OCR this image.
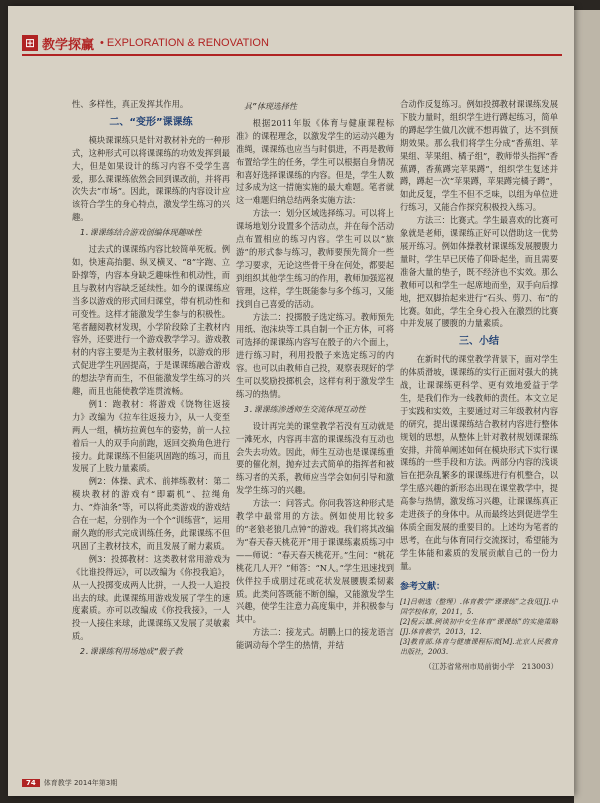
⊞ 教学探赢 • EXPLORATION & RENOVATION

性、多样性，真正发挥其作用。

二、“变形”课课练

模块课课练只是针对教材补充的一种形式，这种形式可以将课课练的功效发挥到最大，但是如果设计的练习内容不受学生喜爱，那么课课练依然会回到课改前，并将再次失去“市场”。因此，课课练的内容设计应该符合学生的身心特点，激发学生练习的兴趣。

1.课课练结合游戏创编体现趣味性

过去式的课课练内容比较简单死板。例如，快速高抬腿、纵叉横叉、“8”字跑、立卧撑等，内容本身缺乏趣味性和机动性，而且与教材内容缺乏延续性。如今的课课练应当多以游戏的形式回归课堂，带有机动性和可变性。这样才能激发学生参与的积极性。笔者翻阅教材发现，小学阶段除了主教材内容外，还要进行一个游戏教学学习。游戏教材的内容主要是为主教材服务，以游戏的形式促进学生巩固提高，于是课课练融合游戏的想法孕育而生，不但能激发学生练习的兴趣，而且也能使教学连贯流畅。

例1：跑教材：将游戏《饶物往返接力》改编为《拉车往返接力》，从一人变至两人一组，横坊拉黄包车的姿势，前一人拉着后一人的双手向前跑，返回交换角色进行接力。此课课练不但能巩固跑的练习，而且发展了上肢力量素质。

例2：体操、武术、前摔练教材：第二模块教材的游戏有“即霸机”、拉绳角力、“炸油条”等，可以将此类游戏的游戏结合在一起，分别作为一个个“训练营”，运用耐久跑的形式完成训练任务，此课课练不但巩固了主教材技术，而且发展了耐力素质。

例3：投掷教材：这类教材常用游戏为《比谁投得远》，可以改编为《你投我追》，从一人投掷变成两人比拼，一人投一人追投出去的球。此课课练用游戏发展了学生的速度素质。亦可以改编成《你投我接》，一人投一人接住来球，此课课练又发展了灵敏素质。

2.课课练利用场地成“骰子教
具”体现选择性

根据2011年版《体育与健康课程标准》的课程理念，以激发学生的运动兴趣为准绳，课课练也应当与时俱进，不再是教师布置给学生的任务，学生可以根据自身情况和喜好选择课课练的内容。但是，学生人数过多成为这一措施实施的最大难题。笔者就这一难题归纳总结两条实施方法：

方法一：划分区域选择练习。可以将上课场地划分设置多个活动点，并在每个活动点布置相应的练习内容。学生可以以“旅游”的形式参与练习，教师要预先简介一些学习要求，无论这些骨干身在何处，都要起到组织其他学生练习的作用，教师加强巡视管理，这样，学生既能参与多个练习，又能找到自己喜爱的活动。

方法二：投掷骰子选定练习。教师预先用纸、泡沫块等工具自制一个正方体，可将可选择的课课练内容写在骰子的六个面上，进行练习时，利用投骰子来选定练习的内容。也可以由教师自己投，观察表现好的学生可以奖励投掷机会，这样有利于激发学生练习的热情。

3.课课练渗透师生交流体现互动性

设计再完美的课堂教学若没有互动就是一滩死水，内容再丰富的课课练没有互动也会失去功效。因此，师生互动也是课课练重要的催化剂，抛弃过去式简单的指挥者和被练习者的关系，教师应当学会如何引导和激发学生练习的兴趣。

方法一：问答式。你问我答这种形式是教学中最常用的方法。例如使用比较多的“老狼老狼几点钟”的游戏。我们将其改编为“春天春天桃花开”用于课课练素质练习中——师说：“春天春天桃花开。”生问：“桃花桃花几人开？”师答：“N人。”学生迅速找到伙伴拉手成朋过花或花状发展腰腹柔韧素质。此类问答既能不断创编，又能激发学生兴趣，使学生注意力高度集中，并积极参与其中。

方法二：接龙式。胡鹏上口的接龙语言能调动每个学生的热情，并结

合动作反复练习。例如投掷教材课课练发展下肢力量时，组织学生进行蹲起练习，简单的蹲起学生做几次就不想再做了，达不到预期效果。那么我们将学生分成“香蕉组、苹果组、苹果组、橘子组”，教师带头指挥“香蕉蹲，香蕉蹲完苹果蹲”，组织学生复述并蹲，蹲起一次“苹果蹲，苹果蹲完橘子蹲”，如此反复，学生不但不乏味，以组为单位进行练习，又能合作探究积极投入练习。

方法三：比赛式。学生最喜欢的比赛可象就是老师，课课练正好可以借助这一优势展开练习。例如体操教材课课练发展腰腹力量时，学生早已厌倦了仰卧起坐，而且需要准备大量的垫子，既不经济也不实效。那么教师可以和学生一起席地而坐，双手向后撑地，把双脚抬起来进行“石头、剪刀、布”的比赛。如此，学生全身心投入在激烈的比赛中并发展了腰腹的力量素质。

三、小结

在新时代的课堂教学背景下，面对学生的体质滑坡，课课练的实行正面对强大的挑战，让课课练更科学、更有效地爱益于学生，是我们作为一线教师的责任。本文立足于实践和实效，主要通过对三年级教材内容的研究，提出课课练结合教材内容进行整体规划的思想，从整体上针对教材规划课课练安排，并简单阐述如何在模块形式下实行课课练的一些手段和方法。两部分内容的浅谈旨在把杂乱繁多的课课练进行有机整合，以学生感兴趣的新形态出现在课堂教学中，提高参与热情，激发练习兴趣，让课课练真正走进孩子的身体中。从而最终达到促进学生体质全面发展的重要目的。上述均为笔者的思考，在此与体育同行交流探讨，希望能为学生体能和素质的发展贡献自己的一份力量。

参考文献：
[1]吕朝选（整理）.体育教学“课课练”之我见[J].中国学校体育，2011，5.
[2]倪云雄.例谈初中女生体育“课课练”的实施策略[J].体育教学，2013，12.
[3]教育部.体育与健康课程标准[M].北京人民教育出版社，2003.
（江苏省常州市局前街小学　213003）
74	体育教学 2014年第3期
